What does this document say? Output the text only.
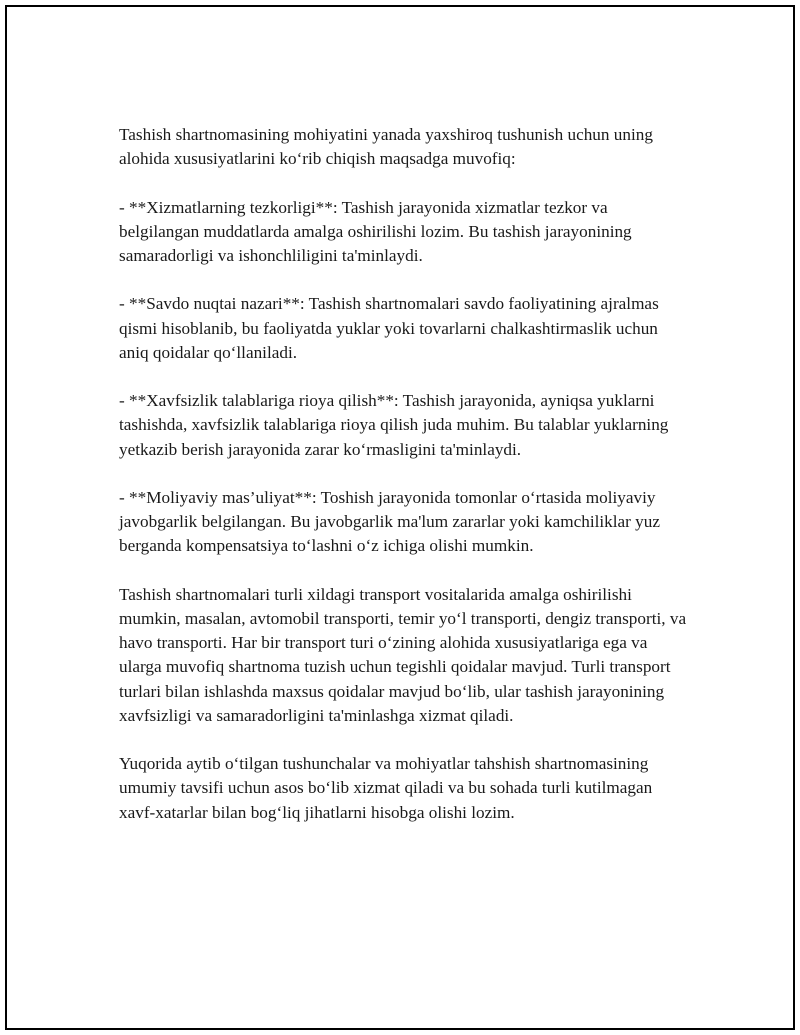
Tashish shartnomasining mohiyatini yanada yaxshiroq tushunish uchun uning alohida xususiyatlarini ko‘rib chiqish maqsadga muvofiq:

- **Xizmatlarning tezkorligi**: Tashish jarayonida xizmatlar tezkor va belgilangan muddatlarda amalga oshirilishi lozim. Bu tashish jarayonining samaradorligi va ishonchliligini ta'minlaydi.

- **Savdo nuqtai nazari**: Tashish shartnomalari savdo faoliyatining ajralmas qismi hisoblanib, bu faoliyatda yuklar yoki tovarlarni chalkashtirmaslik uchun aniq qoidalar qo‘llaniladi.

- **Xavfsizlik talablariga rioya qilish**: Tashish jarayonida, ayniqsa yuklarni tashishda, xavfsizlik talablariga rioya qilish juda muhim. Bu talablar yuklarning yetkazib berish jarayonida zarar ko‘rmasligini ta'minlaydi.

- **Moliyaviy mas’uliyat**: Toshish jarayonida tomonlar o‘rtasida moliyaviy javobgarlik belgilangan. Bu javobgarlik ma'lum zararlar yoki kamchiliklar yuz berganda kompensatsiya to‘lashni o‘z ichiga olishi mumkin.

Tashish shartnomalari turli xildagi transport vositalarida amalga oshirilishi mumkin, masalan, avtomobil transporti, temir yo‘l transporti, dengiz transporti, va havo transporti. Har bir transport turi o‘zining alohida xususiyatlariga ega va ularga muvofiq shartnoma tuzish uchun tegishli qoidalar mavjud. Turli transport turlari bilan ishlashda maxsus qoidalar mavjud bo‘lib, ular tashish jarayonining xavfsizligi va samaradorligini ta'minlashga xizmat qiladi.

Yuqorida aytib o‘tilgan tushunchalar va mohiyatlar tahshish shartnomasining umumiy tavsifi uchun asos bo‘lib xizmat qiladi va bu sohada turli kutilmagan xavf-xatarlar bilan bog‘liq jihatlarni hisobga olishi lozim.
